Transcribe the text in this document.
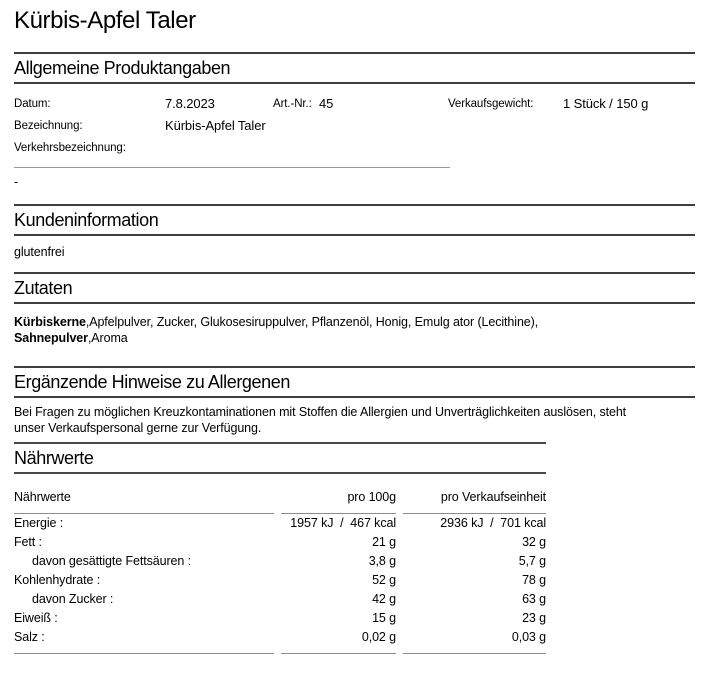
Kürbis-Apfel Taler
Allgemeine Produktangaben
Datum:	7.8.2023	Art.-Nr.: 45	Verkaufsgewicht:	1 Stück / 150 g
Bezeichnung:	Kürbis-Apfel Taler
Verkehrsbezeichnung:
-
Kundeninformation
glutenfrei
Zutaten
Kürbiskerne,Apfelpulver, Zucker, Glukosesiruppulver, Pflanzenöl, Honig, Emulg ator (Lecithine),
Sahnepulver,Aroma
Ergänzende Hinweise zu Allergenen
Bei Fragen zu möglichen Kreuzkontaminationen mit Stoffen die Allergien und Unverträglichkeiten auslösen, steht
unser Verkaufspersonal gerne zur Verfügung.
Nährwerte
Nährwerte	pro 100g	pro Verkaufseinheit
Energie :	1957 kJ  /  467 kcal	2936 kJ  /  701 kcal
Fett :	21 g	32 g
davon gesättigte Fettsäuren :	3,8 g	5,7 g
Kohlenhydrate :	52 g	78 g
davon Zucker :	42 g	63 g
Eiweiß :	15 g	23 g
Salz :	0,02 g	0,03 g
